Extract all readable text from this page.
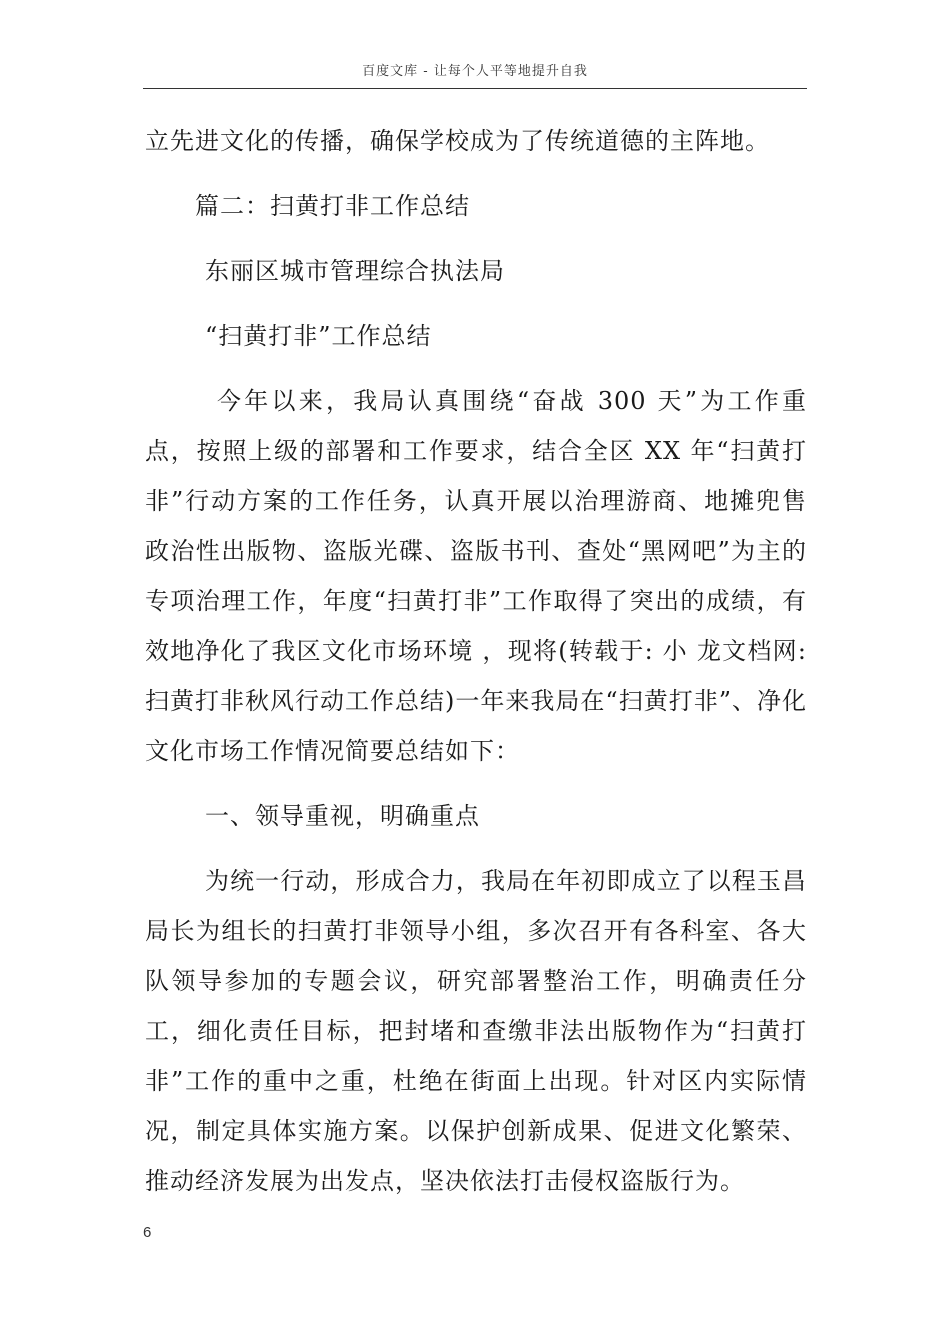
百度文库 - 让每个人平等地提升自我

立先进文化的传播，确保学校成为了传统道德的主阵地。

篇二：扫黄打非工作总结

东丽区城市管理综合执法局

“扫黄打非”工作总结

今年以来，我局认真围绕“奋战 300 天”为工作重点，按照上级的部署和工作要求，结合全区 XX 年“扫黄打非”行动方案的工作任务，认真开展以治理游商、地摊兜售政治性出版物、盗版光碟、盗版书刊、查处“黑网吧”为主的专项治理工作，年度“扫黄打非”工作取得了突出的成绩，有效地净化了我区文化市场环境 ，现将(转载于: 小 龙文档网:扫黄打非秋风行动工作总结)一年来我局在“扫黄打非”、净化文化市场工作情况简要总结如下：

一、领导重视，明确重点

为统一行动，形成合力，我局在年初即成立了以程玉昌局长为组长的扫黄打非领导小组，多次召开有各科室、各大队领导参加的专题会议，研究部署整治工作，明确责任分工，细化责任目标，把封堵和查缴非法出版物作为“扫黄打非”工作的重中之重，杜绝在街面上出现。针对区内实际情况，制定具体实施方案。以保护创新成果、促进文化繁荣、推动经济发展为出发点，坚决依法打击侵权盗版行为。

6
